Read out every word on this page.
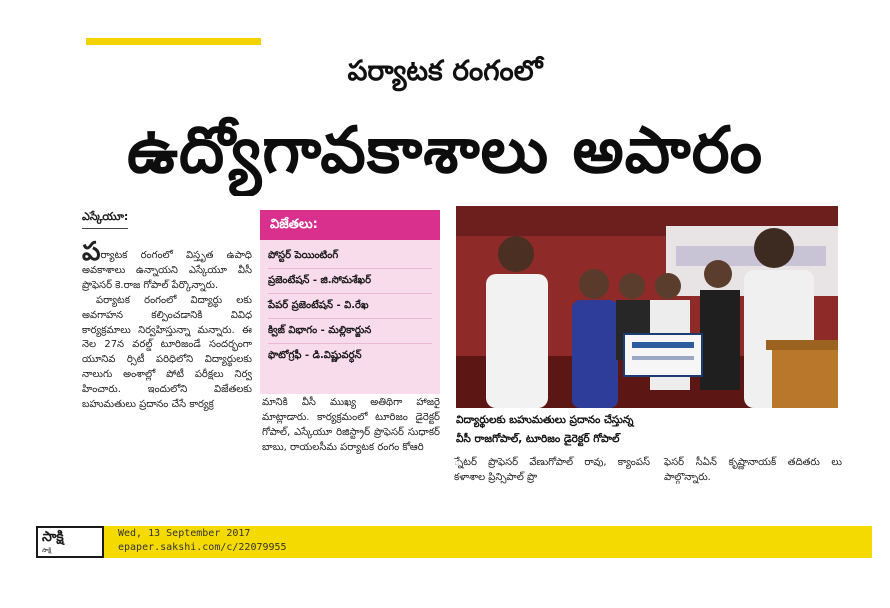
పర్యాటక రంగంలో
ఉద్యోగావకాశాలు అపారం
ఎస్కేయూ:

పర్యాటక రంగంలో విస్తృత ఉపాధి అవకాశాలు ఉన్నాయని ఎస్కేయూ వీసీ ప్రొఫెసర్ కె.రాజ గోపాల్ పేర్కొన్నారు.

పర్యాటక రంగంలో విద్యార్థు లకు అవగాహన కల్పించడానికి వివిధ కార్యక్రమాలు నిర్వహిస్తున్నా మన్నారు. ఈ నెల 27న వరల్డ్ టూరిజండే సందర్భంగా యూనివ ర్సిటీ పరిధిలోని విద్యార్థులకు నాలుగు అంశాల్లో పోటీ పరీక్షలు నిర్వ హించారు. ఇందులోని విజేతలకు బహుమతులు ప్రదానం చేసే కార్యక్ర

విజేతలు:
పోస్టర్ పెయింటింగ్
ప్రజెంటేషన్ - జి.సోమశేఖర్
పేపర్ ప్రజెంటేషన్ - వి.రేఖ
క్విజ్ విభాగం - మల్లికార్జున
ఫొటోగ్రఫీ - డి.విష్ణువర్ధన్
మానికి వీసీ ముఖ్య అతిథిగా హాజరై మాట్లాడారు. కార్యక్రమంలో టూరిజం డైరెక్టర్ గోపాల్, ఎస్కేయూ రిజిస్ట్రార్ ప్రొఫెసర్ సుధాకర్ బాబు, రాయలసీమ పర్యాటక రంగం కోఆరి
విద్యార్థులకు బహుమతులు ప్రదానం చేస్తున్న
వీసీ రాజగోపాల్, టూరిజం డైరెక్టర్ గోపాల్
్నేటర్ ప్రొఫెసర్ వేణుగోపాల్ రావు, క్యాంపస్ కళాశాల ప్రిన్సిపాల్ ప్రొ
ఫెసర్ సీఏన్ కృష్ణానాయక్ తదితరు లు పాల్గొన్నారు.
సాక్షి
సాక్షి
Wed, 13 September 2017
epaper.sakshi.com/c/22079955
